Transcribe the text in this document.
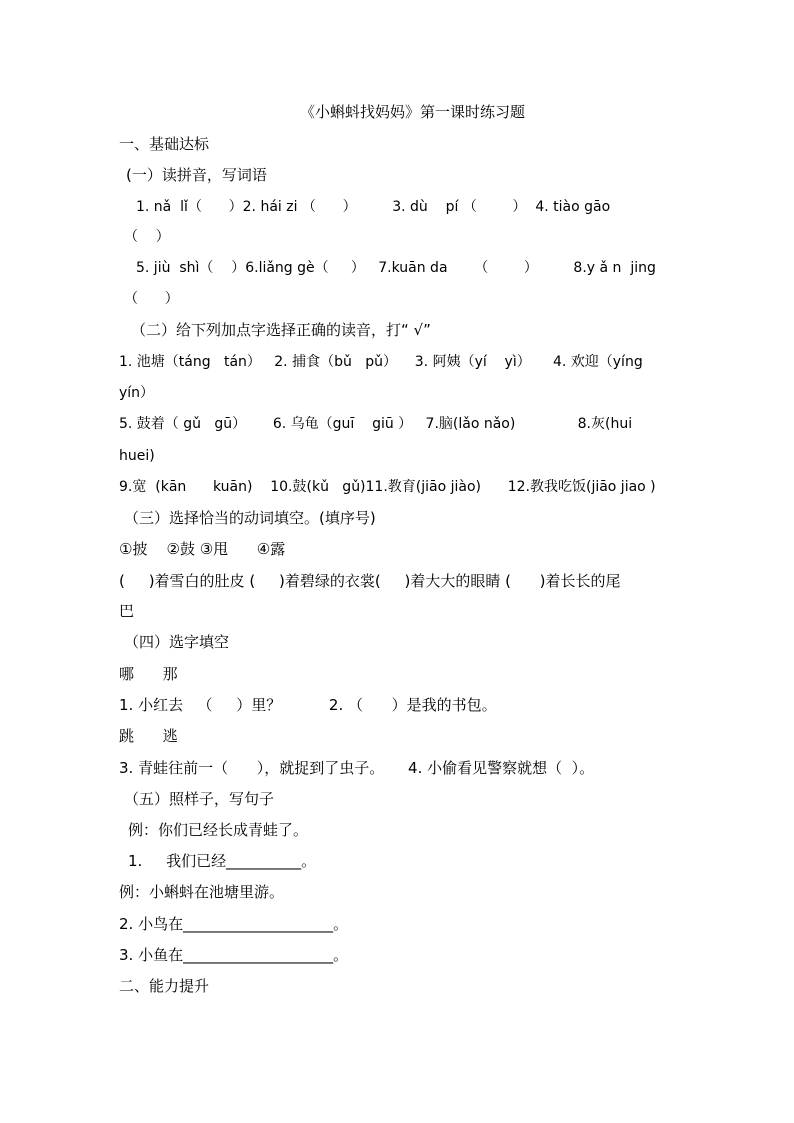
《小蝌蚪找妈妈》第一课时练习题
一、基础达标
(一）读拼音，写词语
1. nǎ  lǐ（      ）2. hái zi （      ）        3. dù    pí （        ）  4. tiào gāo
（    ）
5. jiù  shì（    ）6.liǎng gè（     ）   7.kuān da      （        ）        8.y ǎ n  jing
（      ）
（二）给下列加点字选择正确的读音，打“ √”
1. 池塘（táng   tán）   2. 捕食（bǔ   pǔ）    3. 阿姨（yí    yì）     4. 欢迎（yíng
yín）
5. 鼓着（ gǔ   gū）      6. 乌龟（guī    giū ）   7.脑(lǎo nǎo)              8.灰(hui
huei)
9.宽  (kān      kuān)    10.鼓(kǔ   gǔ)11.教育(jiāo jiào)      12.教我吃饭(jiāo jiao )
（三）选择恰当的动词填空。(填序号)
①披    ②鼓 ③甩      ④露
(     )着雪白的肚皮 (     )着碧绿的衣裳(     )着大大的眼睛 (      )着长长的尾
巴
（四）选字填空
哪      那
1. 小红去   （     ）里？          2. （      ）是我的书包。
跳      逃
3. 青蛙往前一（      ），就捉到了虫子。     4. 小偷看见警察就想（  ）。
（五）照样子，写句子
例：你们已经长成青蛙了。
1.     我们已经__________。
例：小蝌蚪在池塘里游。
2. 小鸟在____________________。
3. 小鱼在____________________。
二、能力提升
